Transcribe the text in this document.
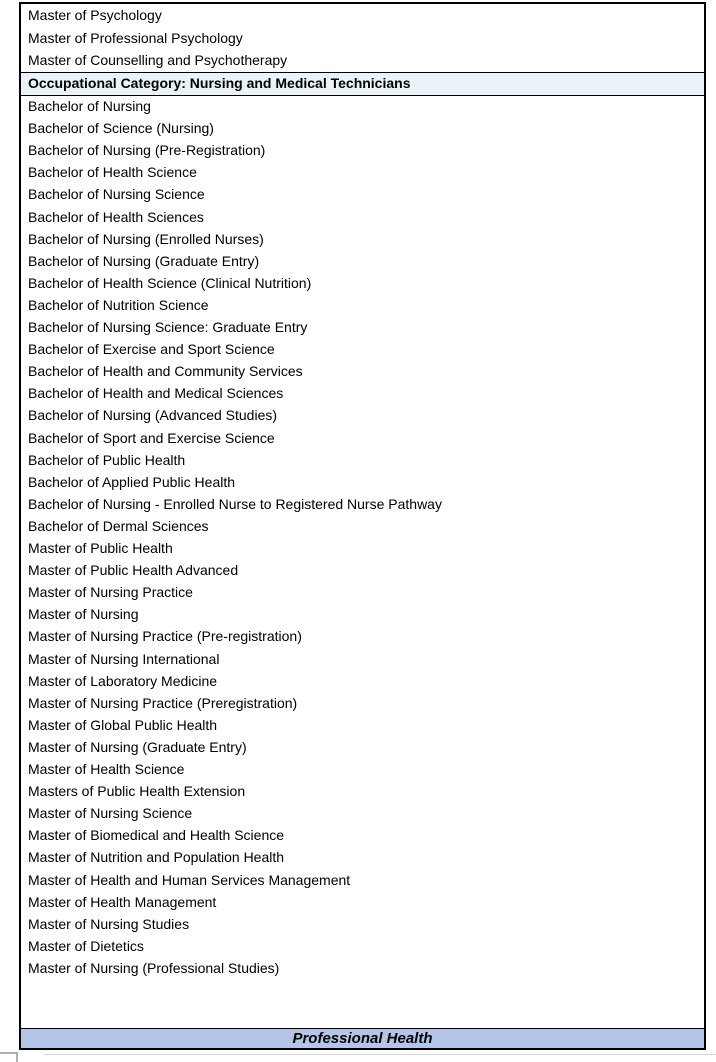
Master of Psychology
Master of Professional Psychology
Master of Counselling and Psychotherapy
Occupational Category: Nursing and Medical Technicians
Bachelor of Nursing
Bachelor of Science (Nursing)
Bachelor of Nursing (Pre-Registration)
Bachelor of Health Science
Bachelor of Nursing Science
Bachelor of Health Sciences
Bachelor of Nursing (Enrolled Nurses)
Bachelor of Nursing (Graduate Entry)
Bachelor of Health Science (Clinical Nutrition)
Bachelor of Nutrition Science
Bachelor of Nursing Science: Graduate Entry
Bachelor of Exercise and Sport Science
Bachelor of Health and Community Services
Bachelor of Health and Medical Sciences
Bachelor of Nursing (Advanced Studies)
Bachelor of Sport and Exercise Science
Bachelor of Public Health
Bachelor of Applied Public Health
Bachelor of Nursing - Enrolled Nurse to Registered Nurse Pathway
Bachelor of Dermal Sciences
Master of Public Health
Master of Public Health Advanced
Master of Nursing Practice
Master of Nursing
Master of Nursing Practice (Pre-registration)
Master of Nursing International
Master of Laboratory Medicine
Master of Nursing Practice (Preregistration)
Master of Global Public Health
Master of Nursing (Graduate Entry)
Master of Health Science
Masters of Public Health Extension
Master of Nursing Science
Master of Biomedical and Health Science
Master of Nutrition and Population Health
Master of Health and Human Services Management
Master of Health Management
Master of Nursing Studies
Master of Dietetics
Master of Nursing (Professional Studies)
Professional Health
